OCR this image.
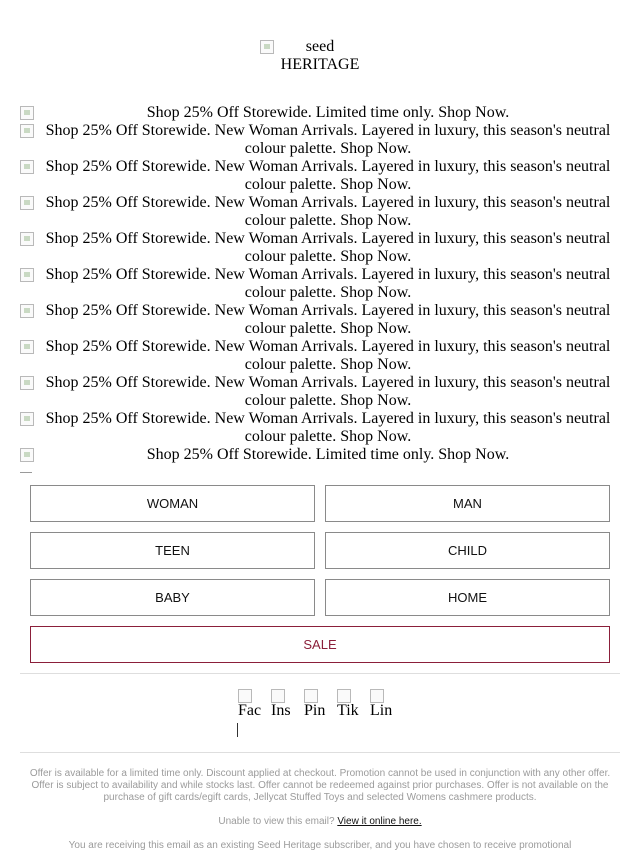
seed
HERITAGE
Shop 25% Off Storewide. Limited time only. Shop Now.
Shop 25% Off Storewide. New Woman Arrivals. Layered in luxury, this season's neutral colour palette. Shop Now.
Shop 25% Off Storewide. New Woman Arrivals. Layered in luxury, this season's neutral colour palette. Shop Now.
Shop 25% Off Storewide. New Woman Arrivals. Layered in luxury, this season's neutral colour palette. Shop Now.
Shop 25% Off Storewide. New Woman Arrivals. Layered in luxury, this season's neutral colour palette. Shop Now.
Shop 25% Off Storewide. New Woman Arrivals. Layered in luxury, this season's neutral colour palette. Shop Now.
Shop 25% Off Storewide. New Woman Arrivals. Layered in luxury, this season's neutral colour palette. Shop Now.
Shop 25% Off Storewide. New Woman Arrivals. Layered in luxury, this season's neutral colour palette. Shop Now.
Shop 25% Off Storewide. New Woman Arrivals. Layered in luxury, this season's neutral colour palette. Shop Now.
Shop 25% Off Storewide. New Woman Arrivals. Layered in luxury, this season's neutral colour palette. Shop Now.
Shop 25% Off Storewide. Limited time only. Shop Now.
WOMAN	MAN
TEEN	CHILD
BABY	HOME
SALE
Fac Ins Pin Tik Lin
Offer is available for a limited time only. Discount applied at checkout. Promotion cannot be used in conjunction with any other offer. Offer is subject to availability and while stocks last. Offer cannot be redeemed against prior purchases. Offer is not available on the purchase of gift cards/egift cards, Jellycat Stuffed Toys and selected Womens cashmere products.
Unable to view this email? View it online here.
You are receiving this email as an existing Seed Heritage subscriber, and you have chosen to receive promotional
